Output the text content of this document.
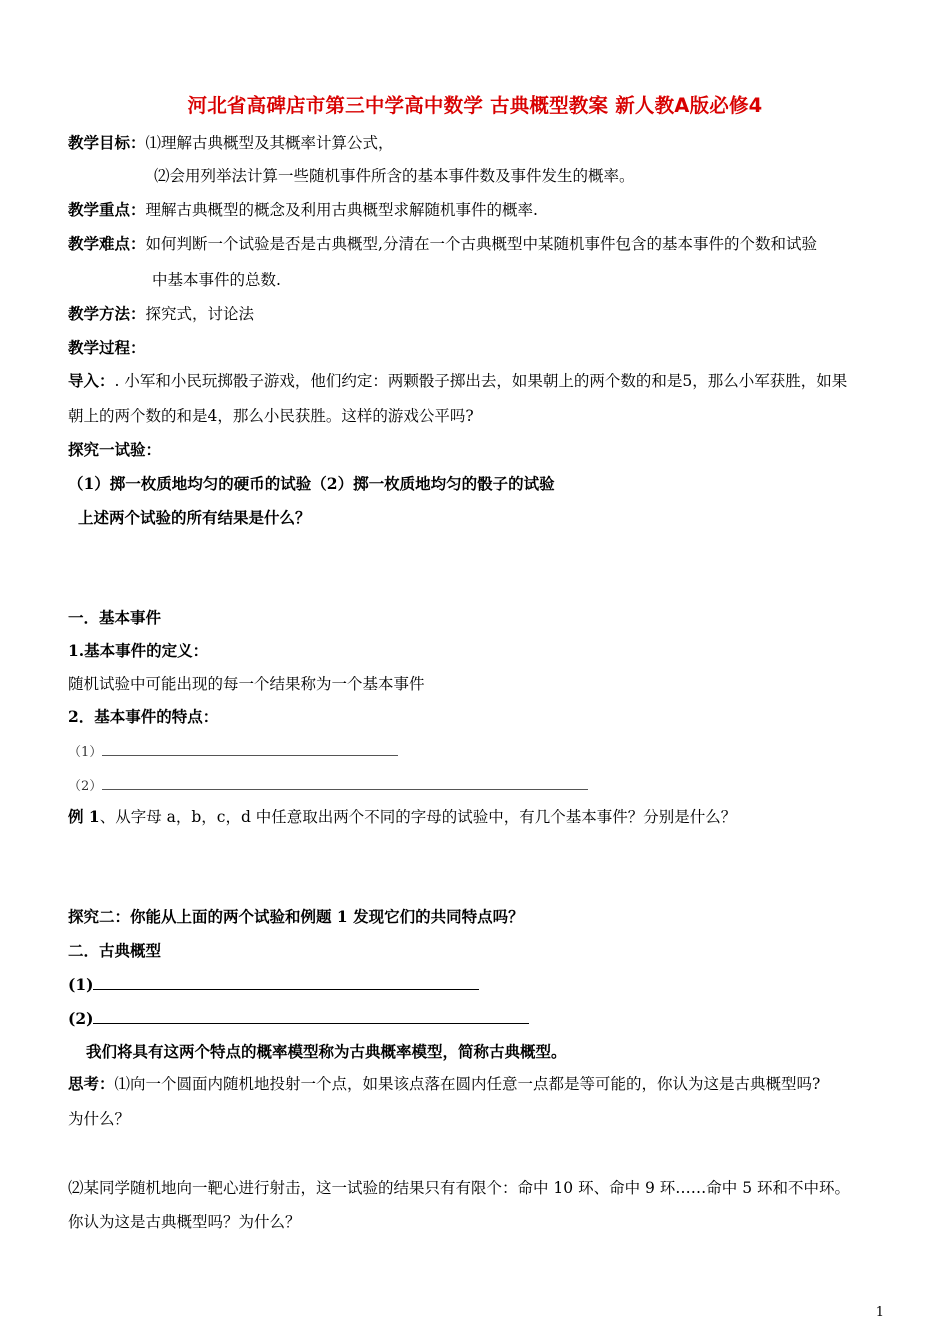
河北省高碑店市第三中学高中数学 古典概型教案 新人教A版必修4
教学目标：⑴理解古典概型及其概率计算公式，
⑵会用列举法计算一些随机事件所含的基本事件数及事件发生的概率。
教学重点：理解古典概型的概念及利用古典概型求解随机事件的概率.
教学难点：如何判断一个试验是否是古典概型,分清在一个古典概型中某随机事件包含的基本事件的个数和试验
中基本事件的总数.
教学方法：探究式，讨论法
教学过程：
导入：. 小军和小民玩掷骰子游戏，他们约定：两颗骰子掷出去，如果朝上的两个数的和是5，那么小军获胜，如果
朝上的两个数的和是4，那么小民获胜。这样的游戏公平吗?
探究一试验：
（1）掷一枚质地均匀的硬币的试验（2）掷一枚质地均匀的骰子的试验
上述两个试验的所有结果是什么？
一．基本事件
1.基本事件的定义：
随机试验中可能出现的每一个结果称为一个基本事件
2．基本事件的特点：
（1）
（2）
例 1、从字母 a，b，c，d 中任意取出两个不同的字母的试验中，有几个基本事件？分别是什么？
探究二：你能从上面的两个试验和例题 1 发现它们的共同特点吗？
二．古典概型
(1)
(2)
我们将具有这两个特点的概率模型称为古典概率模型，简称古典概型。
思考：⑴向一个圆面内随机地投射一个点，如果该点落在圆内任意一点都是等可能的，你认为这是古典概型吗?
为什么？
⑵某同学随机地向一靶心进行射击，这一试验的结果只有有限个：命中 10 环、命中 9 环……命中 5 环和不中环。
你认为这是古典概型吗？为什么？
1
